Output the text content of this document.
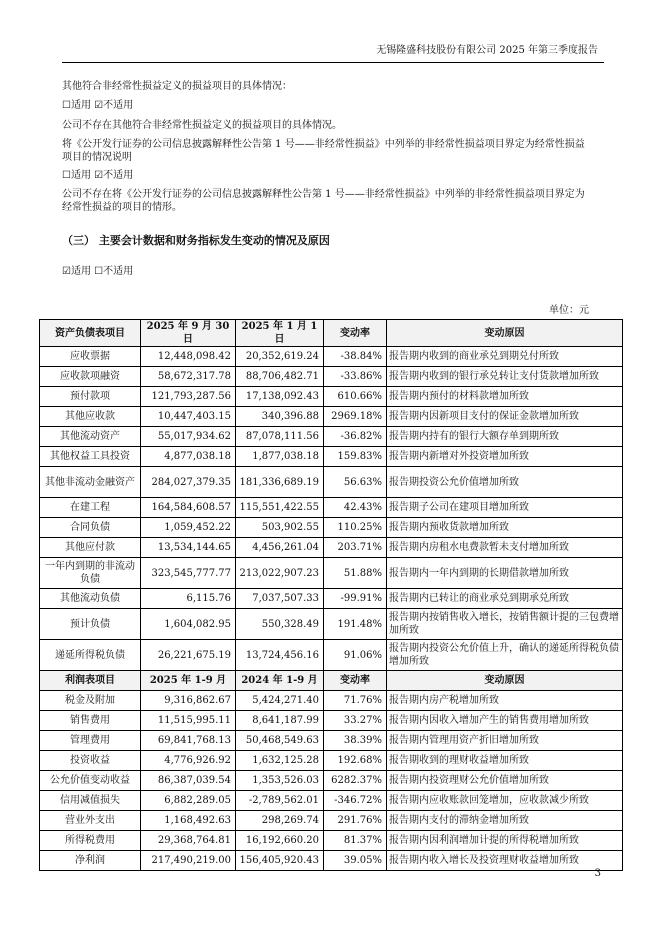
无锡隆盛科技股份有限公司 2025 年第三季度报告
其他符合非经常性损益定义的损益项目的具体情况：
☐适用 ☑不适用
公司不存在其他符合非经常性损益定义的损益项目的具体情况。
将《公开发行证券的公司信息披露解释性公告第 1 号——非经常性损益》中列举的非经常性损益项目界定为经常性损益
项目的情况说明
☐适用 ☑不适用
公司不存在将《公开发行证券的公司信息披露解释性公告第 1 号——非经常性损益》中列举的非经常性损益项目界定为
经常性损益的项目的情形。
（三） 主要会计数据和财务指标发生变动的情况及原因
☑适用 ☐不适用
单位：元
资产负债表项目	2025 年 9 月 30 日	2025 年 1 月 1 日	变动率	变动原因
应收票据	12,448,098.42	20,352,619.24	-38.84%	报告期内收到的商业承兑到期兑付所致
应收款项融资	58,672,317.78	88,706,482.71	-33.86%	报告期内收到的银行承兑转让支付货款增加所致
预付款项	121,793,287.56	17,138,092.43	610.66%	报告期内预付的材料款增加所致
其他应收款	10,447,403.15	340,396.88	2969.18%	报告期内因新项目支付的保证金款增加所致
其他流动资产	55,017,934.62	87,078,111.56	-36.82%	报告期内持有的银行大额存单到期所致
其他权益工具投资	4,877,038.18	1,877,038.18	159.83%	报告期内新增对外投资增加所致
其他非流动金融资产	284,027,379.35	181,336,689.19	56.63%	报告期投资公允价值增加所致
在建工程	164,584,608.57	115,551,422.55	42.43%	报告期子公司在建项目增加所致
合同负债	1,059,452.22	503,902.55	110.25%	报告期内预收货款增加所致
其他应付款	13,534,144.65	4,456,261.04	203.71%	报告期内房租水电费款暂未支付增加所致
一年内到期的非流动负债	323,545,777.77	213,022,907.23	51.88%	报告期内一年内到期的长期借款增加所致
其他流动负债	6,115.76	7,037,507.33	-99.91%	报告期内已转让的商业承兑到期承兑所致
预计负债	1,604,082.95	550,328.49	191.48%	报告期内按销售收入增长，按销售额计提的三包费增加所致
递延所得税负债	26,221,675.19	13,724,456.16	91.06%	报告期内投资公允价值上升，确认的递延所得税负债增加所致
利润表项目	2025 年 1-9 月	2024 年 1-9 月	变动率	变动原因
税金及附加	9,316,862.67	5,424,271.40	71.76%	报告期内房产税增加所致
销售费用	11,515,995.11	8,641,187.99	33.27%	报告期内因收入增加产生的销售费用增加所致
管理费用	69,841,768.13	50,468,549.63	38.39%	报告期内管理用资产折旧增加所致
投资收益	4,776,926.92	1,632,125.28	192.68%	报告期收到的理财收益增加所致
公允价值变动收益	86,387,039.54	1,353,526.03	6282.37%	报告期内投资理财公允价值增加所致
信用减值损失	6,882,289.05	-2,789,562.01	-346.72%	报告期内应收账款回笼增加，应收款减少所致
营业外支出	1,168,492.63	298,269.74	291.76%	报告期内支付的滞纳金增加所致
所得税费用	29,368,764.81	16,192,660.20	81.37%	报告期内因利润增加计提的所得税增加所致
净利润	217,490,219.00	156,405,920.43	39.05%	报告期内收入增长及投资理财收益增加所致
3
